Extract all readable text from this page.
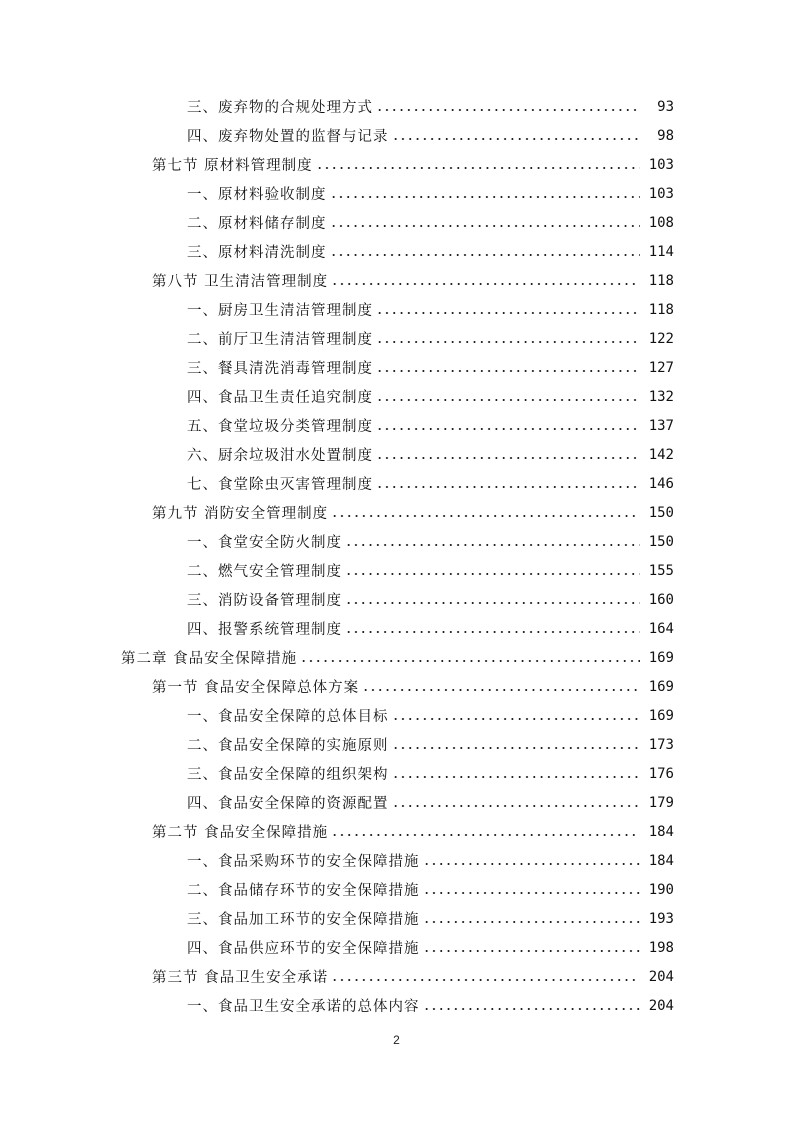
三、废弃物的合规处理方式	93
四、废弃物处置的监督与记录	98
第七节 原材料管理制度	103
一、原材料验收制度	103
二、原材料储存制度	108
三、原材料清洗制度	114
第八节 卫生清洁管理制度	118
一、厨房卫生清洁管理制度	118
二、前厅卫生清洁管理制度	122
三、餐具清洗消毒管理制度	127
四、食品卫生责任追究制度	132
五、食堂垃圾分类管理制度	137
六、厨余垃圾泔水处置制度	142
七、食堂除虫灭害管理制度	146
第九节 消防安全管理制度	150
一、食堂安全防火制度	150
二、燃气安全管理制度	155
三、消防设备管理制度	160
四、报警系统管理制度	164
第二章 食品安全保障措施	169
第一节 食品安全保障总体方案	169
一、食品安全保障的总体目标	169
二、食品安全保障的实施原则	173
三、食品安全保障的组织架构	176
四、食品安全保障的资源配置	179
第二节 食品安全保障措施	184
一、食品采购环节的安全保障措施	184
二、食品储存环节的安全保障措施	190
三、食品加工环节的安全保障措施	193
四、食品供应环节的安全保障措施	198
第三节 食品卫生安全承诺	204
一、食品卫生安全承诺的总体内容	204
2
